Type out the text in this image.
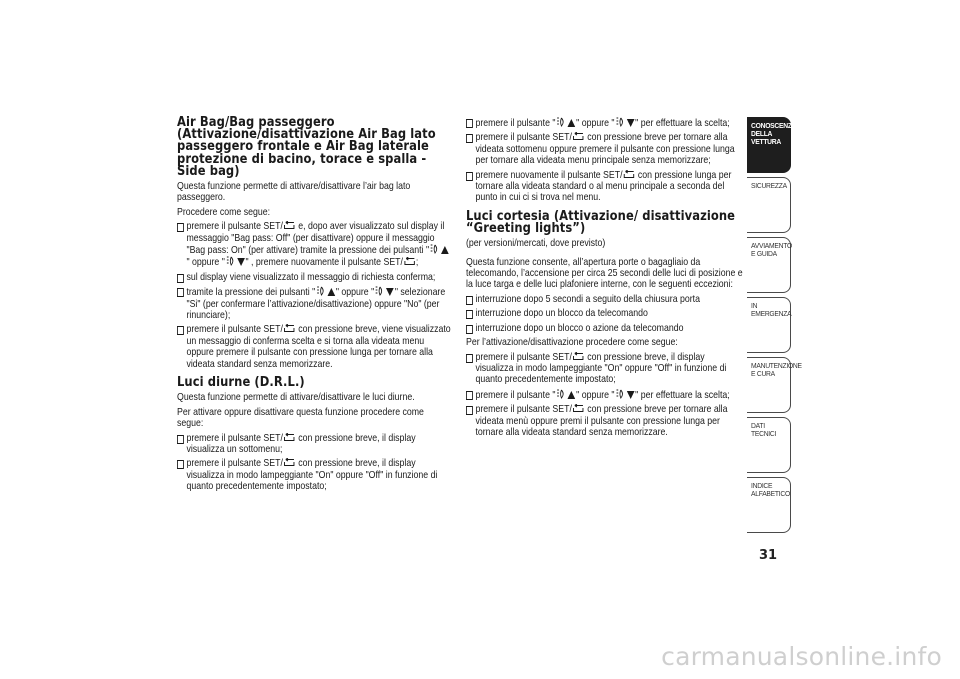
Air Bag/Bag passeggero (Attivazione/disattivazione Air Bag lato passeggero frontale e Air Bag laterale protezione di bacino, torace e spalla - Side bag)
Questa funzione permette di attivare/disattivare l’air bag lato passeggero.
Procedere come segue:
premere il pulsante SET/ e, dopo aver visualizzato sul display il messaggio "Bag pass: Off" (per disattivare) oppure il messaggio "Bag pass: On" (per attivare) tramite la pressione dei pulsanti "" oppure " " , premere nuovamente il pulsante SET/ ;
sul display viene visualizzato il messaggio di richiesta conferma;
tramite la pressione dei pulsanti " " oppure " " selezionare "Si" (per confermare l’attivazione/disattivazione) oppure "No" (per rinunciare);
premere il pulsante SET/ con pressione breve, viene visualizzato un messaggio di conferma scelta e si torna alla videata menu oppure premere il pulsante con pressione lunga per tornare alla videata standard senza memorizzare.
Luci diurne (D.R.L.)
Questa funzione permette di attivare/disattivare le luci diurne.
Per attivare oppure disattivare questa funzione procedere come segue:
premere il pulsante SET/ con pressione breve, il display visualizza un sottomenu;
premere il pulsante SET/ con pressione breve, il display visualizza in modo lampeggiante "On" oppure "Off" in funzione di quanto precedentemente impostato;
premere il pulsante " " oppure " " per effettuare la scelta;
premere il pulsante SET/ con pressione breve per tornare alla videata sottomenu oppure premere il pulsante con pressione lunga per tornare alla videata menu principale senza memorizzare;
premere nuovamente il pulsante SET/ con pressione lunga per tornare alla videata standard o al menu principale a seconda del punto in cui ci si trova nel menu.
Luci cortesia (Attivazione/ disattivazione “Greeting lights”)
(per versioni/mercati, dove previsto)
Questa funzione consente, all’apertura porte o bagagliaio da telecomando, l’accensione per circa 25 secondi delle luci di posizione e la luce targa e delle luci plafoniere interne, con le seguenti eccezioni:
interruzione dopo 5 secondi a seguito della chiusura porta
interruzione dopo un blocco da telecomando
interruzione dopo un blocco o azione da telecomando
Per l’attivazione/disattivazione procedere come segue:
premere il pulsante SET/ con pressione breve, il display visualizza in modo lampeggiante "On" oppure "Off" in funzione di quanto precedentemente impostato;
premere il pulsante " " oppure " " per effettuare la scelta;
premere il pulsante SET/ con pressione breve per tornare alla videata menù oppure premi il pulsante con pressione lunga per tornare alla videata standard senza memorizzare.
CONOSCENZA DELLA VETTURA
SICUREZZA
AVVIAMENTO E GUIDA
IN EMERGENZA
MANUTENZIONE E CURA
DATI TECNICI
INDICE ALFABETICO
31
carmanualsonline.info
